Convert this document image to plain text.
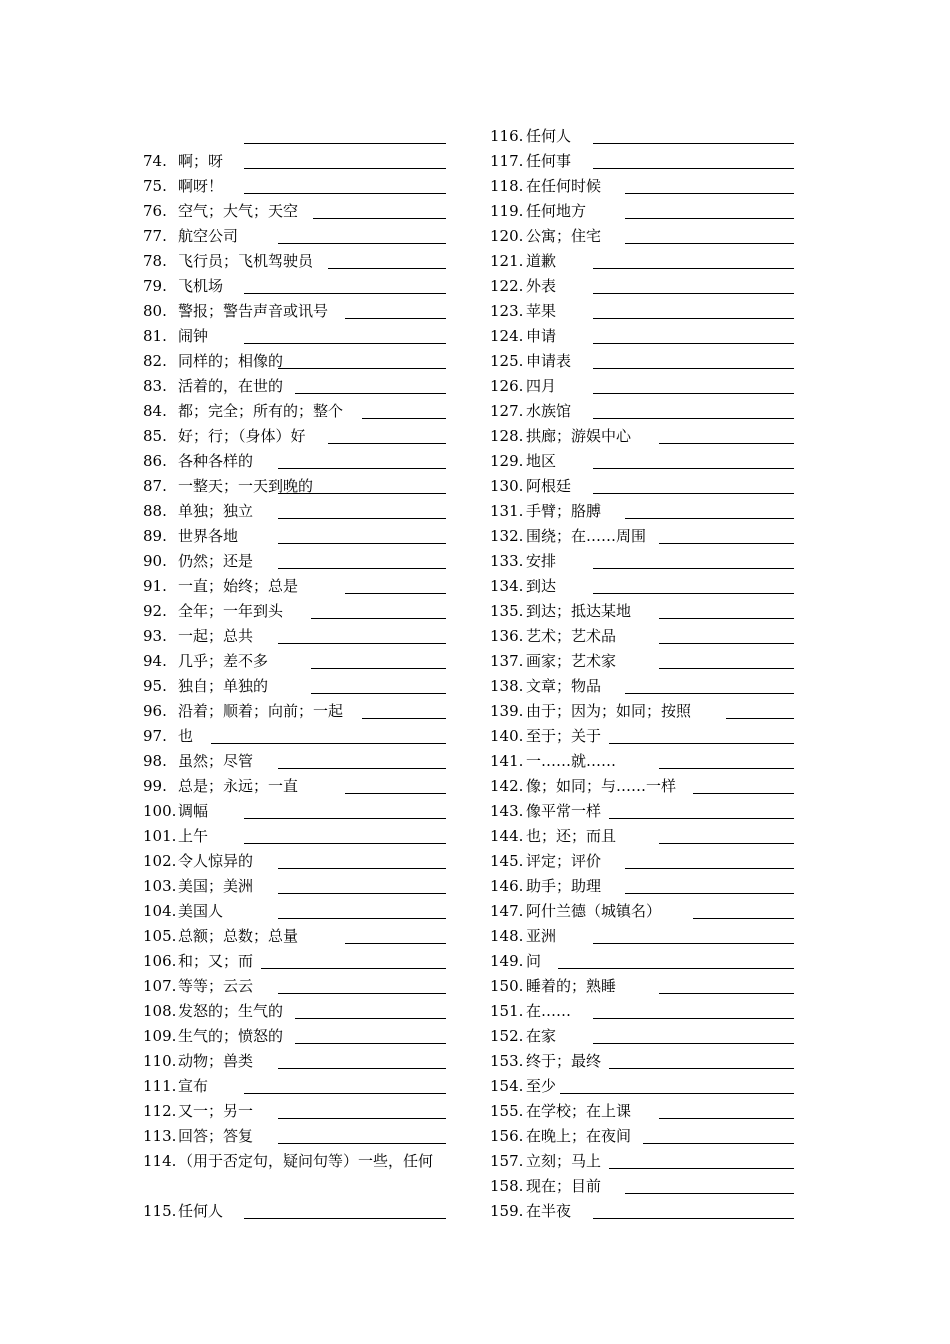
74. 啊；呀
75. 啊呀！
76. 空气；大气；天空
77. 航空公司
78. 飞行员；飞机驾驶员
79. 飞机场
80. 警报；警告声音或讯号
81. 闹钟
82. 同样的；相像的
83. 活着的，在世的
84. 都；完全；所有的；整个
85. 好；行；（身体）好
86. 各种各样的
87. 一整天；一天到晚的
88. 单独；独立
89. 世界各地
90. 仍然；还是
91. 一直；始终；总是
92. 全年；一年到头
93. 一起；总共
94. 几乎；差不多
95. 独自；单独的
96. 沿着；顺着；向前；一起
97. 也
98. 虽然；尽管
99. 总是；永远；一直
100. 调幅
101. 上午
102. 令人惊异的
103. 美国；美洲
104. 美国人
105. 总额；总数；总量
106. 和；又；而
107. 等等；云云
108. 发怒的；生气的
109. 生气的；愤怒的
110. 动物；兽类
111. 宣布
112. 又一；另一
113. 回答；答复
114. （用于否定句，疑问句等）一些，任何
115. 任何人
116. 任何人
117. 任何事
118. 在任何时候
119. 任何地方
120. 公寓；住宅
121. 道歉
122. 外表
123. 苹果
124. 申请
125. 申请表
126. 四月
127. 水族馆
128. 拱廊；游娱中心
129. 地区
130. 阿根廷
131. 手臂；胳膊
132. 围绕；在……周围
133. 安排
134. 到达
135. 到达；抵达某地
136. 艺术；艺术品
137. 画家；艺术家
138. 文章；物品
139. 由于；因为；如同；按照
140. 至于；关于
141. 一……就……
142. 像；如同；与……一样
143. 像平常一样
144. 也；还；而且
145. 评定；评价
146. 助手；助理
147. 阿什兰德（城镇名）
148. 亚洲
149. 问
150. 睡着的；熟睡
151. 在……
152. 在家
153. 终于；最终
154. 至少
155. 在学校；在上课
156. 在晚上；在夜间
157. 立刻；马上
158. 现在；目前
159. 在半夜
